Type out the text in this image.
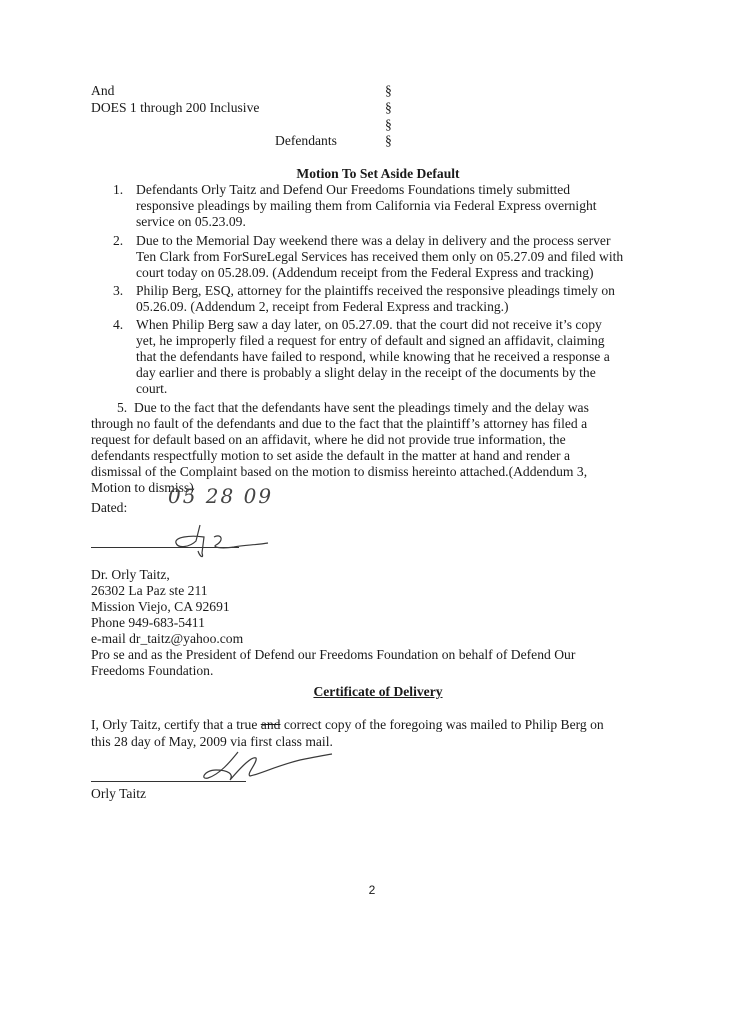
And
DOES 1 through 200 Inclusive
Defendants
§
§
§
§
Motion To Set Aside Default
1. Defendants Orly Taitz and Defend Our Freedoms Foundations timely submitted
responsive pleadings by mailing them from California via Federal Express overnight
service on 05.23.09.
2. Due to the Memorial Day weekend there was a delay in delivery and the process server
Ten Clark from ForSureLegal Services has received them only on 05.27.09 and filed with
court today on 05.28.09. (Addendum receipt from the Federal Express and tracking)
3. Philip Berg, ESQ, attorney for the plaintiffs received the responsive pleadings timely on
05.26.09. (Addendum 2, receipt from Federal Express and tracking.)
4. When Philip Berg saw a day later, on 05.27.09. that the court did not receive it’s copy
yet, he improperly filed a request for entry of default and signed an affidavit, claiming
that the defendants have failed to respond, while knowing that he received a response a
day earlier and there is probably a slight delay in the receipt of the documents by the
court.
5. Due to the fact that the defendants have sent the pleadings timely and the delay was
through no fault of the defendants and due to the fact that the plaintiff’s attorney has filed a
request for default based on an affidavit, where he did not provide true information, the
defendants respectfully motion to set aside the default in the matter at hand and render a
dismissal of the Complaint based on the motion to dismiss hereinto attached.(Addendum 3,
Motion to dismiss)
Dated: 05 28 09
Dr. Orly Taitz,
26302 La Paz ste 211
Mission Viejo, CA 92691
Phone 949-683-5411
e-mail dr_taitz@yahoo.com
Pro se and as the President of Defend our Freedoms Foundation on behalf of Defend Our
Freedoms Foundation.
Certificate of Delivery
I, Orly Taitz, certify that a true and correct copy of the foregoing was mailed to Philip Berg on
this 28 day of May, 2009 via first class mail.
Orly Taitz
2
